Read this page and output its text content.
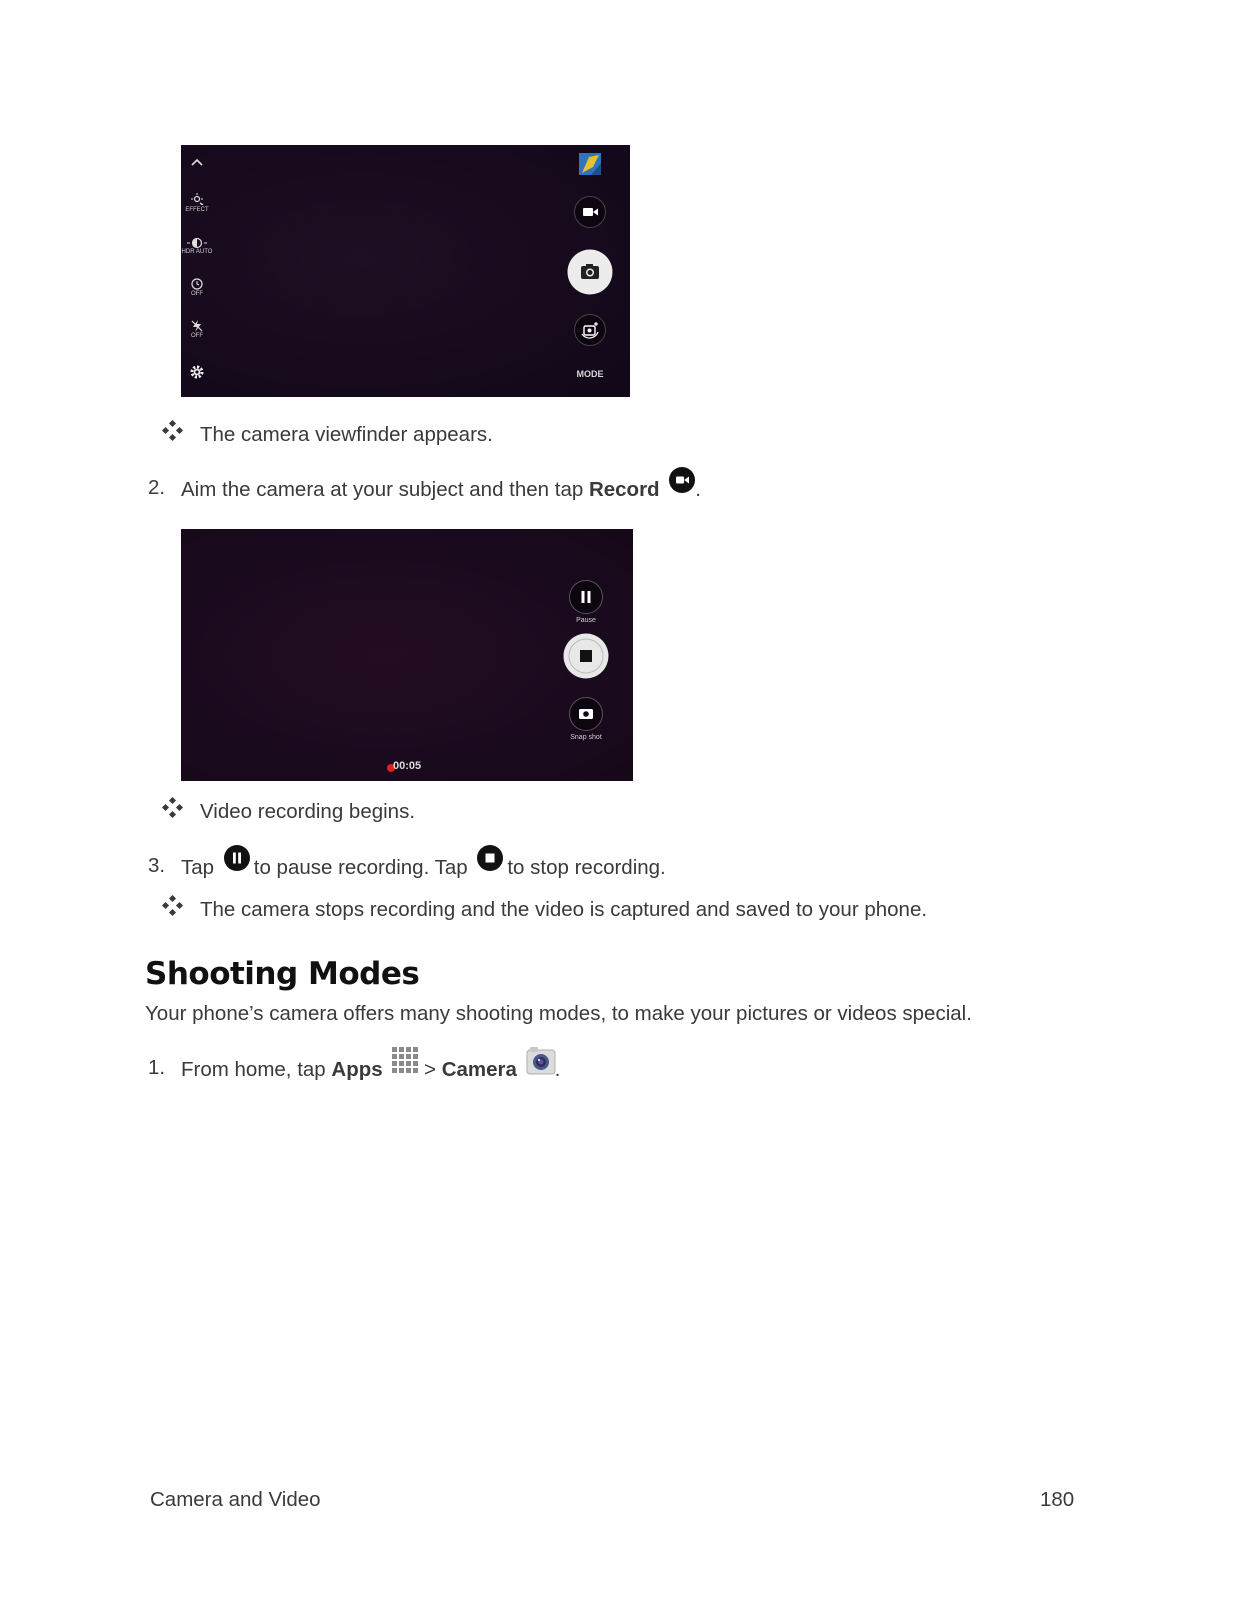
EFFECT
HDR AUTO
OFF
OFF
MODE
The camera viewfinder appears.
2. Aim the camera at your subject and then tap Record .
Pause
Snap shot
00:05
Video recording begins.
3. Tap to pause recording. Tap to stop recording.
The camera stops recording and the video is captured and saved to your phone.
Shooting Modes
Your phone’s camera offers many shooting modes, to make your pictures or videos special.
1. From home, tap Apps  > Camera .
Camera and Video	180
